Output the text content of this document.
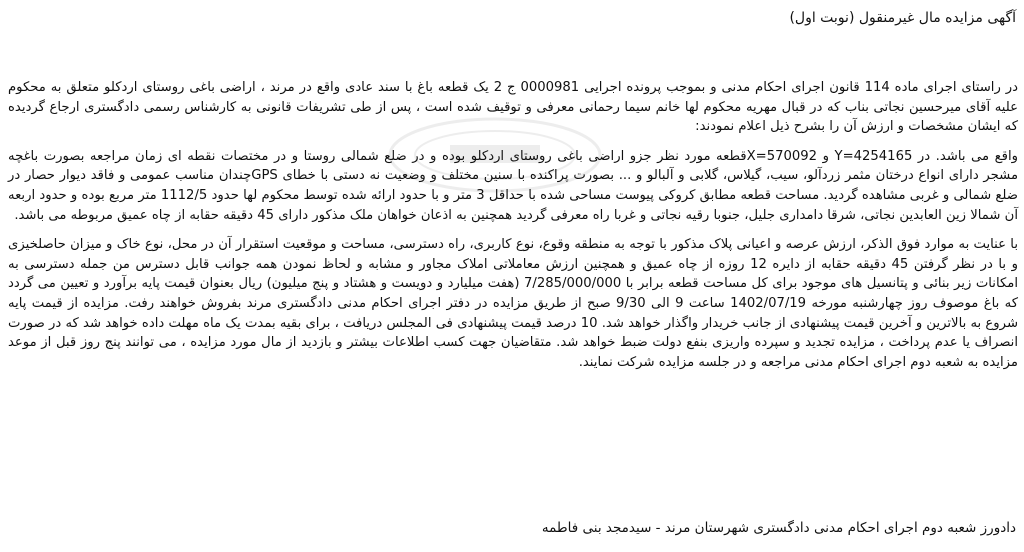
آگهی مزایده مال غیرمنقول (نوبت اول)

در راستای اجرای ماده 114 قانون اجرای احکام مدنی و بموجب پرونده اجرایی 0000981 ج 2 یک قطعه باغ با سند عادی واقع در مرند ، اراضی باغی روستای اردکلو متعلق به محکوم علیه آقای میرحسین نجاتی بناب که در قبال مهریه محکوم لها خانم سیما رحمانی معرفی و توقیف شده است ، پس از طی تشریفات قانونی به کارشناس رسمی دادگستری ارجاع گردیده که ایشان مشخصات و ارزش آن را بشرح ذیل اعلام نمودند:

واقع می باشد. در 4254165=Y و 570092=Xقطعه مورد نظر جزو اراضی باغی روستای اردکلو بوده و در ضلع شمالی روستا و در مختصات نقطه ای زمان مراجعه بصورت باغچه مشجر دارای انواع درختان مثمر زردآلو، سیب، گیلاس، گلابی و آلبالو و ... بصورت پراکنده با سنین مختلف و وضعیت نه دستی با خطای GPSچندان مناسب عمومی و فاقد دیوار حصار در ضلع شمالی و غربی مشاهده گردید. مساحت قطعه مطابق کروکی پیوست مساحی شده با حداقل 3 متر و با حدود ارائه شده توسط محکوم لها حدود 1112/5 متر مربع بوده و حدود اربعه آن شمالا زین العابدین نجاتی، شرقا دامداری جلیل، جنوبا رقیه نجاتی و غربا راه معرفی گردید همچنین به اذعان خواهان ملک مذکور دارای 45 دقیقه حقابه از چاه عمیق مربوطه می باشد.

با عنایت به موارد فوق الذکر، ارزش عرصه و اعیانی پلاک مذکور با توجه به منطقه وقوع، نوع کاربری، راه دسترسی، مساحت و موقعیت استقرار آن در محل، نوع خاک و میزان حاصلخیزی و با در نظر گرفتن 45 دقیقه حقابه از دایره 12 روزه از چاه عمیق و همچنین ارزش معاملاتی املاک مجاور و مشابه و لحاظ نمودن همه جوانب قابل دسترس من جمله دسترسی به امکانات زیر بنائی و پتانسیل های موجود برای کل مساحت قطعه برابر با 7/285/000/000 (هفت میلیارد و دویست و هشتاد و پنج میلیون) ریال بعنوان قیمت پایه برآورد و تعیین می گردد که باغ موصوف روز چهارشنبه مورخه 1402/07/19 ساعت 9 الی 9/30 صبح از طریق مزایده در دفتر اجرای احکام مدنی دادگستری مرند بفروش خواهند رفت. مزایده از قیمت پایه شروع به بالاترین و آخرین قیمت پیشنهادی از جانب خریدار واگذار خواهد شد. 10 درصد قیمت پیشنهادی فی المجلس دریافت ، برای بقیه بمدت یک ماه مهلت داده خواهد شد که در صورت انصراف یا عدم پرداخت ، مزایده تجدید و سپرده واریزی بنفع دولت ضبط خواهد شد. متقاضیان جهت کسب اطلاعات بیشتر و بازدید از مال مورد مزایده ، می توانند پنج روز قبل از موعد مزایده به شعبه دوم اجرای احکام مدنی مراجعه و در جلسه مزایده شرکت نمایند.

دادورز شعبه دوم اجرای احکام مدنی دادگستری شهرستان مرند - سیدمجد بنی فاطمه
